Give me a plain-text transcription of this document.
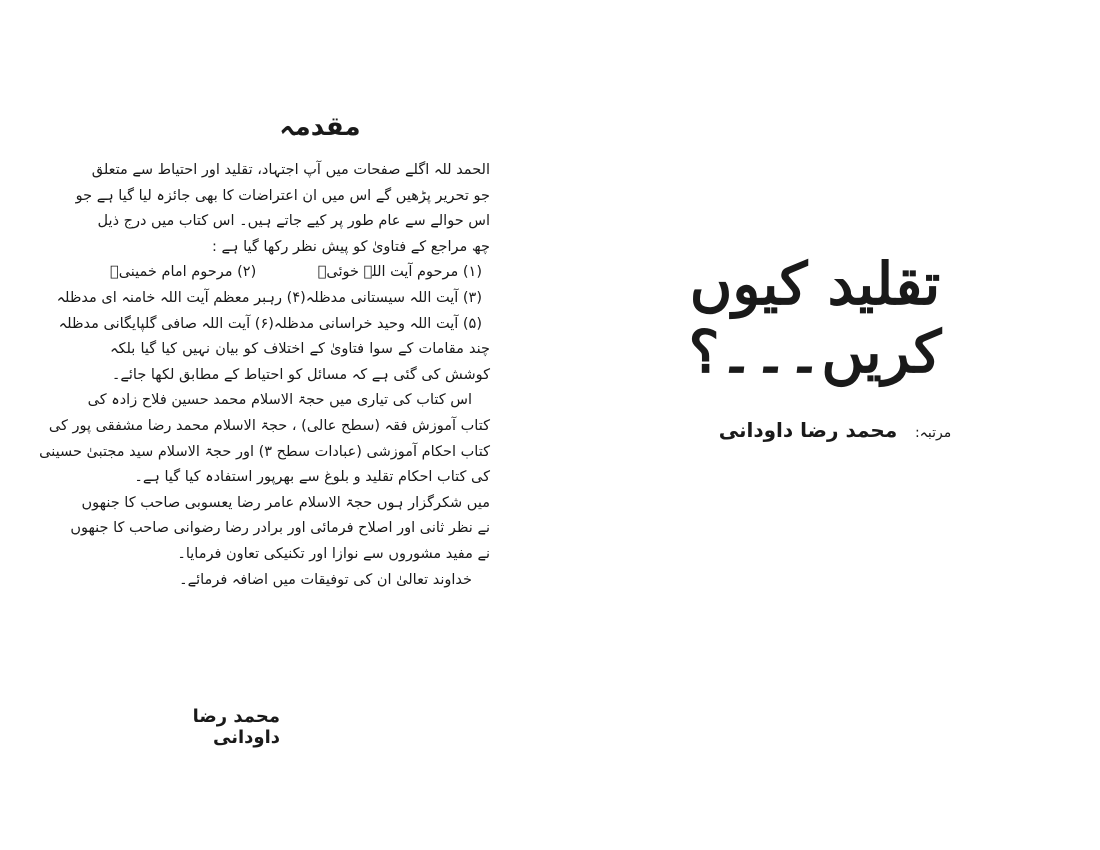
مقدمہ
الحمد للہ اگلے صفحات میں آپ اجتہاد، تقلید اور احتیاط سے متعلق
جو تحریر پڑھیں گے اس میں ان اعتراضات کا بھی جائزہ لیا گیا ہے جو
اس حوالے سے عام طور پر کیے جاتے ہیں۔ اس کتاب میں درج ذیل
چھ مراجع کے فتاویٰ کو پیش نظر رکھا گیا ہے :
(۱) مرحوم آیت اللہ خوئیؒ
(۲) مرحوم امام خمینیؒ
(۳) آیت اللہ سیستانی مدظلہ
(۴) رہبر معظم آیت اللہ خامنہ ای مدظلہ
(۵) آیت اللہ وحید خراسانی مدظلہ
(۶) آیت اللہ صافی گلپایگانی مدظلہ
چند مقامات کے سوا فتاویٰ کے اختلاف کو بیان نہیں کیا گیا بلکہ
کوشش کی گئی ہے کہ مسائل کو احتیاط کے مطابق لکھا جائے۔
اس کتاب کی تیاری میں حجۃ الاسلام محمد حسین فلاح زادہ کی
کتاب آموزش فقہ (سطح عالی) ، حجۃ الاسلام محمد رضا مشفقی پور کی
کتاب احکام آموزشی (عبادات سطح ۳) اور حجۃ الاسلام سید مجتبیٰ حسینی
کی کتاب احکام تقلید و بلوغ سے بھرپور استفادہ کیا گیا ہے۔
میں شکرگزار ہوں حجۃ الاسلام عامر رضا یعسوبی صاحب کا جنھوں
نے نظر ثانی اور اصلاح فرمائی اور برادر رضا رضوانی صاحب کا جنھوں
نے مفید مشوروں سے نوازا اور تکنیکی تعاون فرمایا۔
خداوند تعالیٰ ان کی توفیقات میں اضافہ فرمائے۔
محمد رضا داودانی
تقلید کیوں کریں۔۔۔؟
مرتبہ: محمد رضا داودانی
